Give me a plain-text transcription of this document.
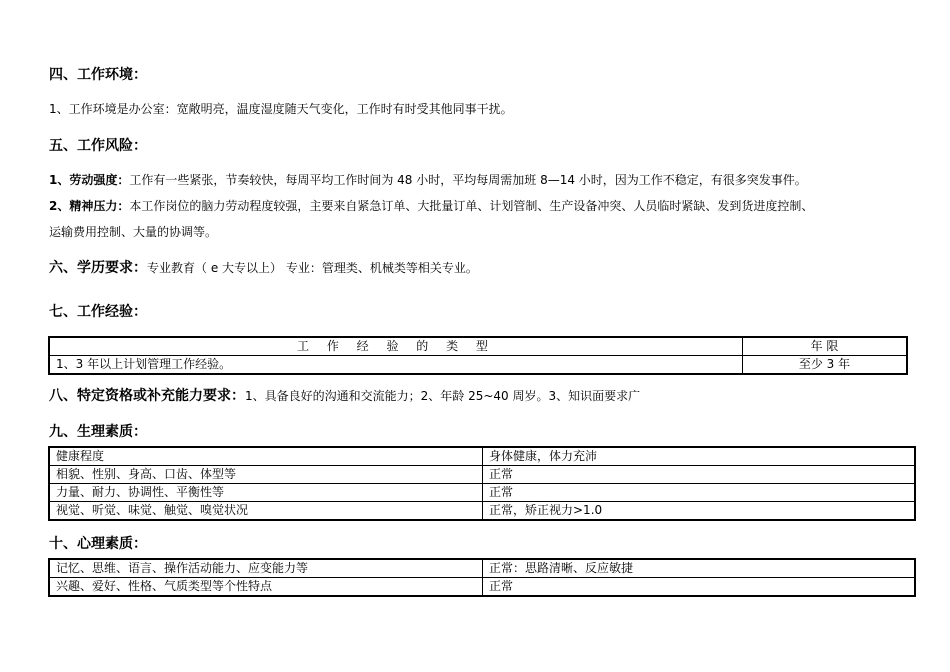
四、工作环境：
1、工作环境是办公室：宽敞明亮，温度湿度随天气变化，工作时有时受其他同事干扰。
五、工作风险：
1、劳动强度：工作有一些紧张，节奏较快，每周平均工作时间为 48 小时，平均每周需加班 8—14 小时，因为工作不稳定，有很多突发事件。
2、精神压力：本工作岗位的脑力劳动程度较强，主要来自紧急订单、大批量订单、计划管制、生产设备冲突、人员临时紧缺、发到货进度控制、
运输费用控制、大量的协调等。
六、学历要求：专业教育（ e 大专以上） 专业：管理类、机械类等相关专业。
七、工作经验：
工 作 经 验 的 类 型	年 限
1、3 年以上计划管理工作经验。	至少 3 年
八、特定资格或补充能力要求：1、具备良好的沟通和交流能力；2、年龄 25~40 周岁。3、知识面要求广
九、生理素质：
健康程度	身体健康，体力充沛
相貌、性别、身高、口齿、体型等	正常
力量、耐力、协调性、平衡性等	正常
视觉、听觉、味觉、触觉、嗅觉状况	正常，矫正视力>1.0
十、心理素质：
记忆、思维、语言、操作活动能力、应变能力等	正常：思路清晰、反应敏捷
兴趣、爱好、性格、气质类型等个性特点	正常
